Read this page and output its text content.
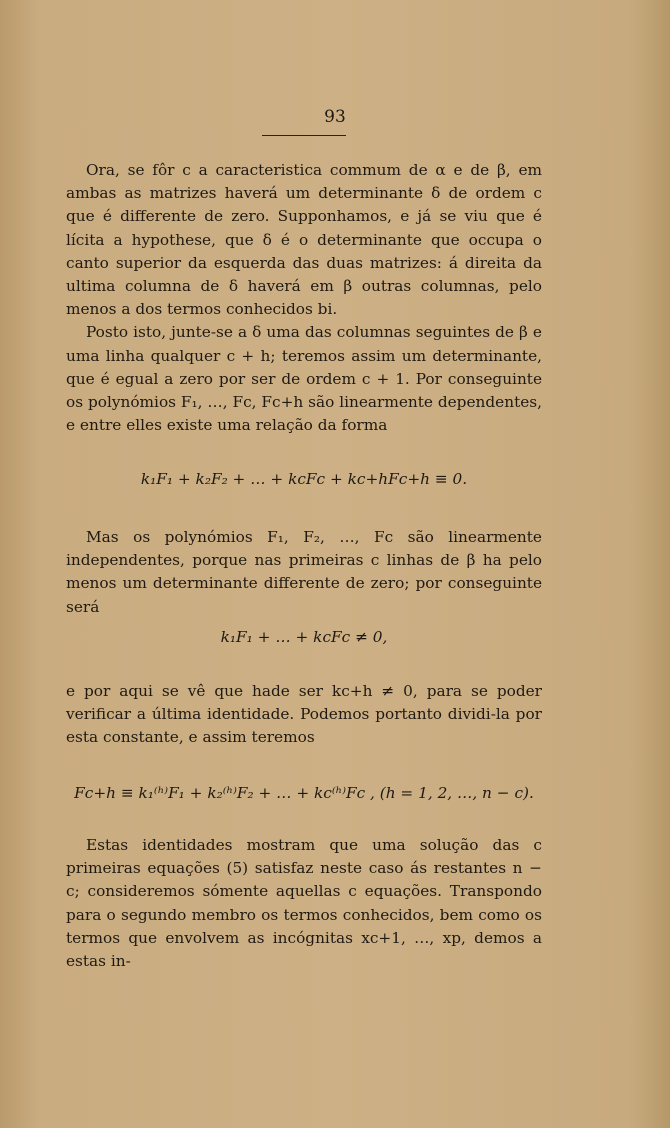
93

Ora, se fôr c a caracteristica commum de α e de β, em ambas as matrizes haverá um determinante δ de ordem c que é differente de zero. Supponhamos, e já se viu que é lícita a hypothese, que δ é o determinante que occupa o canto superior da esquerda das duas matrizes: á direita da ultima columna de δ haverá em β outras columnas, pelo menos a dos termos conhecidos bi.

Posto isto, junte-se a δ uma das columnas seguintes de β e uma linha qualquer c + h; teremos assim um determinante, que é egual a zero por ser de ordem c + 1. Por conseguinte os polynómios F₁, …, Fc, Fc+h são linearmente dependentes, e entre elles existe uma relação da forma

k₁F₁ + k₂F₂ + … + kcFc + kc+hFc+h ≡ 0.

Mas os polynómios F₁, F₂, …, Fc são linearmente independentes, porque nas primeiras c linhas de β ha pelo menos um determinante differente de zero; por conseguinte será

k₁F₁ + … + kcFc ≠ 0,

e por aqui se vê que hade ser kc+h ≠ 0, para se poder verificar a última identidade. Podemos portanto dividi-la por esta constante, e assim teremos

Fc+h ≡ k₁⁽ʰ⁾F₁ + k₂⁽ʰ⁾F₂ + … + kc⁽ʰ⁾Fc , (h = 1, 2, …, n − c).

Estas identidades mostram que uma solução das c primeiras equações (5) satisfaz neste caso ás restantes n − c; consideremos sómente aquellas c equações. Transpondo para o segundo membro os termos conhecidos, bem como os termos que envolvem as incógnitas xc+1, …, xp, demos a estas in-
